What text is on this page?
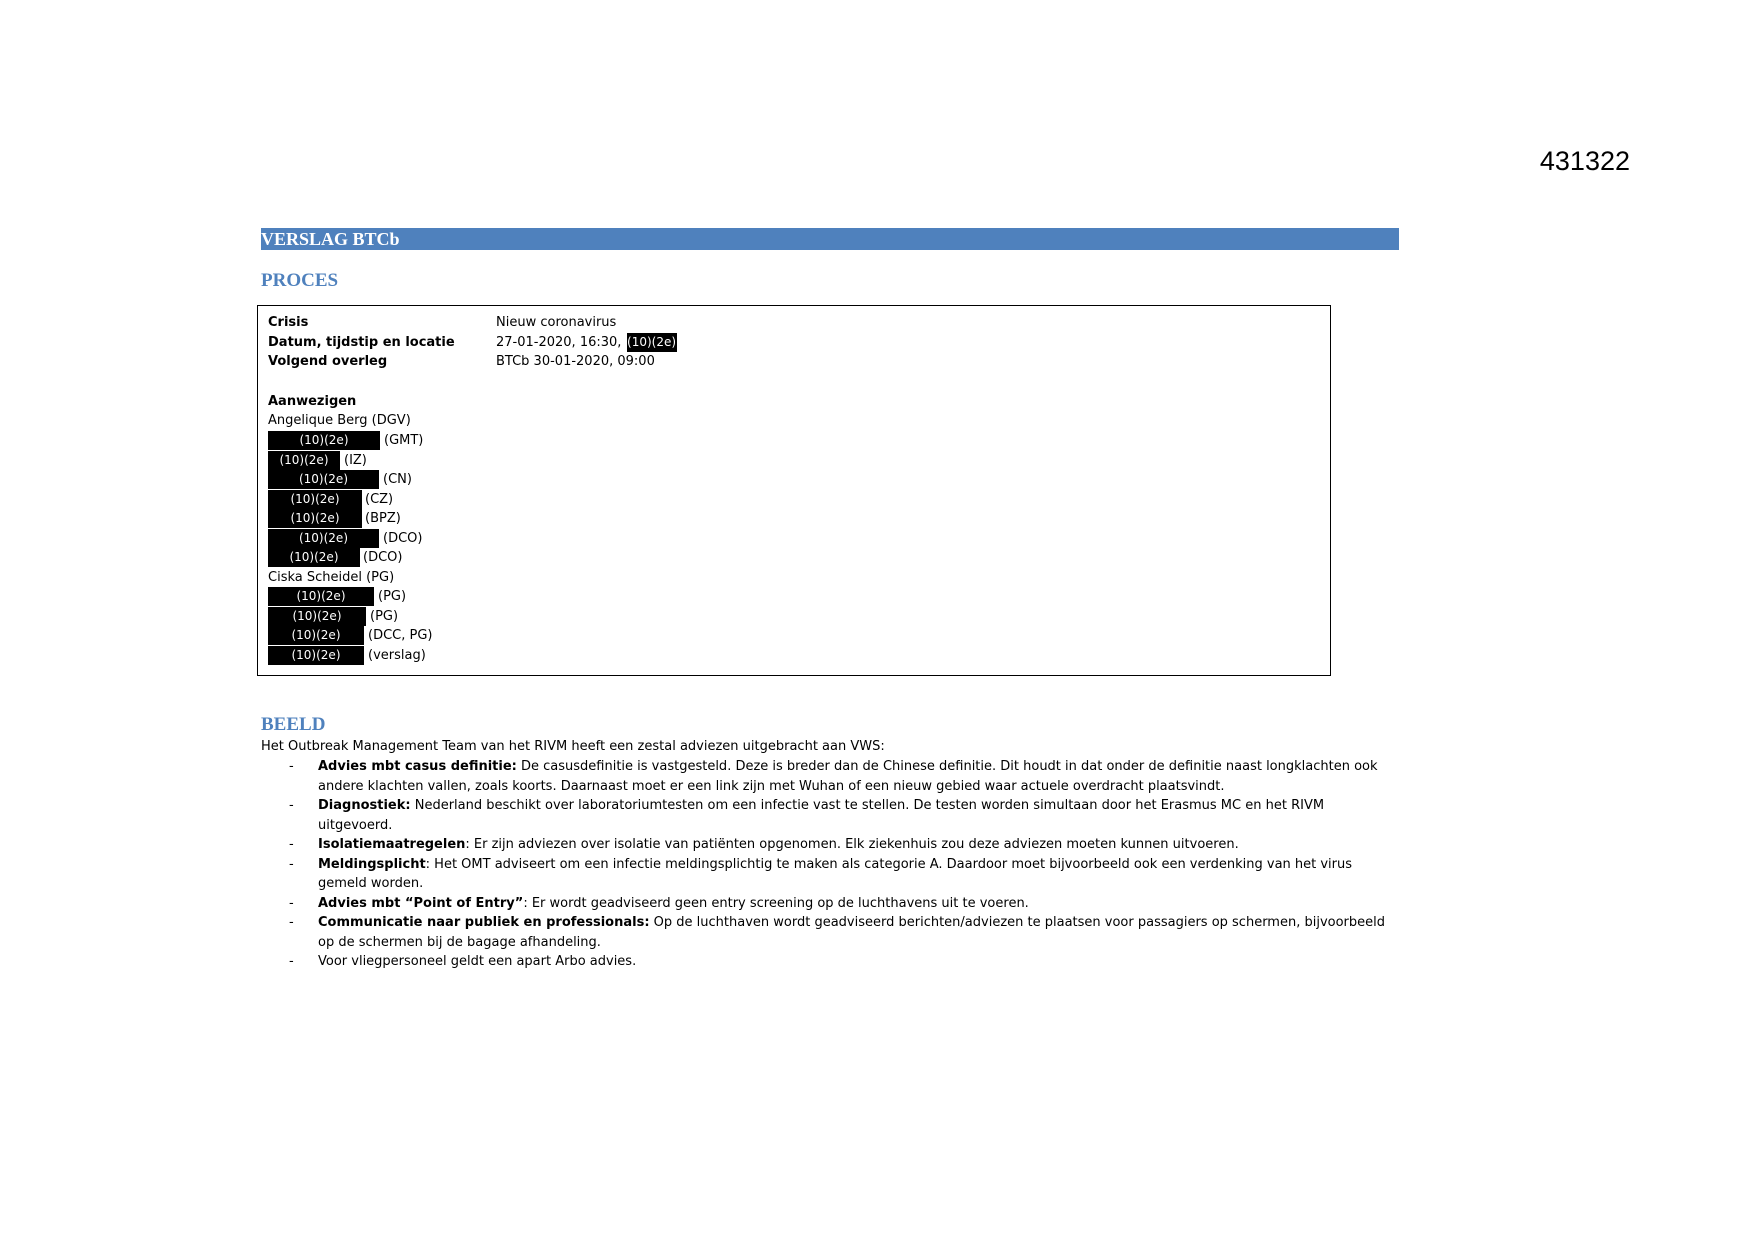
431322
VERSLAG BTCb
PROCES
Crisis	Nieuw coronavirus
Datum, tijdstip en locatie	27-01-2020, 16:30, (10)(2e)
Volgend overleg	BTCb 30-01-2020, 09:00
Aanwezigen
Angelique Berg (DGV)
(10)(2e)	(GMT)
(10)(2e)	(IZ)
(10)(2e)	(CN)
(10)(2e)	(CZ)
(10)(2e)	(BPZ)
(10)(2e)	(DCO)
(10)(2e)	(DCO)
Ciska Scheidel (PG)
(10)(2e)	(PG)
(10)(2e)	(PG)
(10)(2e)	(DCC, PG)
(10)(2e)	(verslag)
BEELD
Het Outbreak Management Team van het RIVM heeft een zestal adviezen uitgebracht aan VWS:
- Advies mbt casus definitie: De casusdefinitie is vastgesteld. Deze is breder dan de Chinese definitie. Dit houdt in dat onder de definitie naast longklachten ook andere klachten vallen, zoals koorts. Daarnaast moet er een link zijn met Wuhan of een nieuw gebied waar actuele overdracht plaatsvindt.
- Diagnostiek: Nederland beschikt over laboratoriumtesten om een infectie vast te stellen. De testen worden simultaan door het Erasmus MC en het RIVM uitgevoerd.
- Isolatiemaatregelen: Er zijn adviezen over isolatie van patiënten opgenomen. Elk ziekenhuis zou deze adviezen moeten kunnen uitvoeren.
- Meldingsplicht: Het OMT adviseert om een infectie meldingsplichtig te maken als categorie A. Daardoor moet bijvoorbeeld ook een verdenking van het virus gemeld worden.
- Advies mbt “Point of Entry”: Er wordt geadviseerd geen entry screening op de luchthavens uit te voeren.
- Communicatie naar publiek en professionals: Op de luchthaven wordt geadviseerd berichten/adviezen te plaatsen voor passagiers op schermen, bijvoorbeeld op de schermen bij de bagage afhandeling.
- Voor vliegpersoneel geldt een apart Arbo advies.
